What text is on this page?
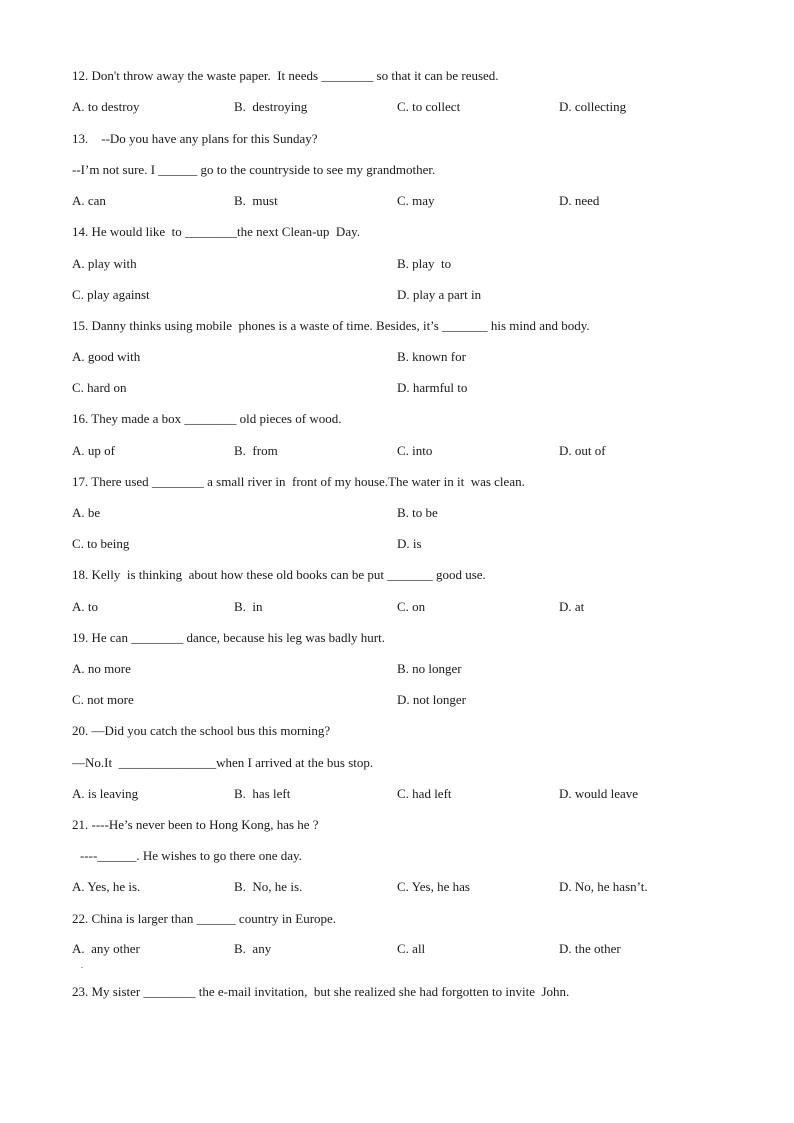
12. Don't throw away the waste paper.  It needs ________ so that it can be reused.
A. to destroy	B.  destroying	C. to collect	D. collecting
13.    --Do you have any plans for this Sunday?
--I’m not sure. I ______ go to the countryside to see my grandmother.
A. can	B.  must	C. may	D. need
14. He would like  to ________the next Clean-up  Day.
A. play with	B. play  to
C. play against	D. play a part in
15. Danny thinks using mobile  phones is a waste of time. Besides, it’s _______ his mind and body.
A. good with	B. known for
C. hard on	D. harmful to
16. They made a box ________ old pieces of wood.
A. up of	B.  from	C. into	D. out of
17. There used ________ a small river in  front of my house.The water in it  was clean.
A. be	B. to be
C. to being	D. is
18. Kelly  is thinking  about how these old books can be put _______ good use.
A. to	B.  in	C. on	D. at
19. He can ________ dance, because his leg was badly hurt.
A. no more	B. no longer
C. not more	D. not longer
20. —Did you catch the school bus this morning?
—No.It  _______________when I arrived at the bus stop.
A. is leaving	B.  has left	C. had left	D. would leave
21. ----He’s never been to Hong Kong, has he ?
----______. He wishes to go there one day.
A. Yes, he is.	B.  No, he is.	C. Yes, he has	D. No, he hasn’t.
22. China is larger than ______ country in Europe.
A.  any other	B.  any	C. all	D. the other
.
23. My sister ________ the e-mail invitation,  but she realized she had forgotten to invite  John.
